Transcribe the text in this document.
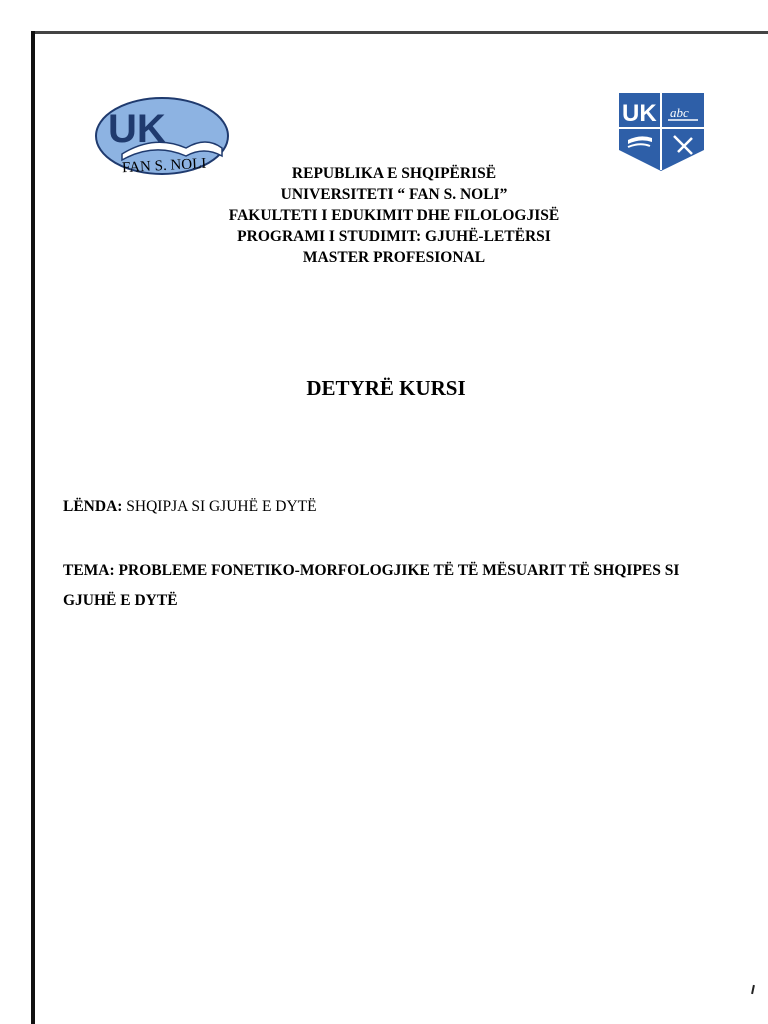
UK
FAN S. NOLI
UK abc
REPUBLIKA E SHQIPËRISË
UNIVERSITETI “ FAN S. NOLI”
FAKULTETI I EDUKIMIT DHE FILOLOGJISË
PROGRAMI I STUDIMIT: GJUHË-LETËRSI
MASTER PROFESIONAL
DETYRË KURSI
LËNDA: SHQIPJA SI GJUHË E DYTË
TEMA: PROBLEME FONETIKO-MORFOLOGJIKE TË TË MËSUARIT TË SHQIPES SI GJUHË E DYTË
